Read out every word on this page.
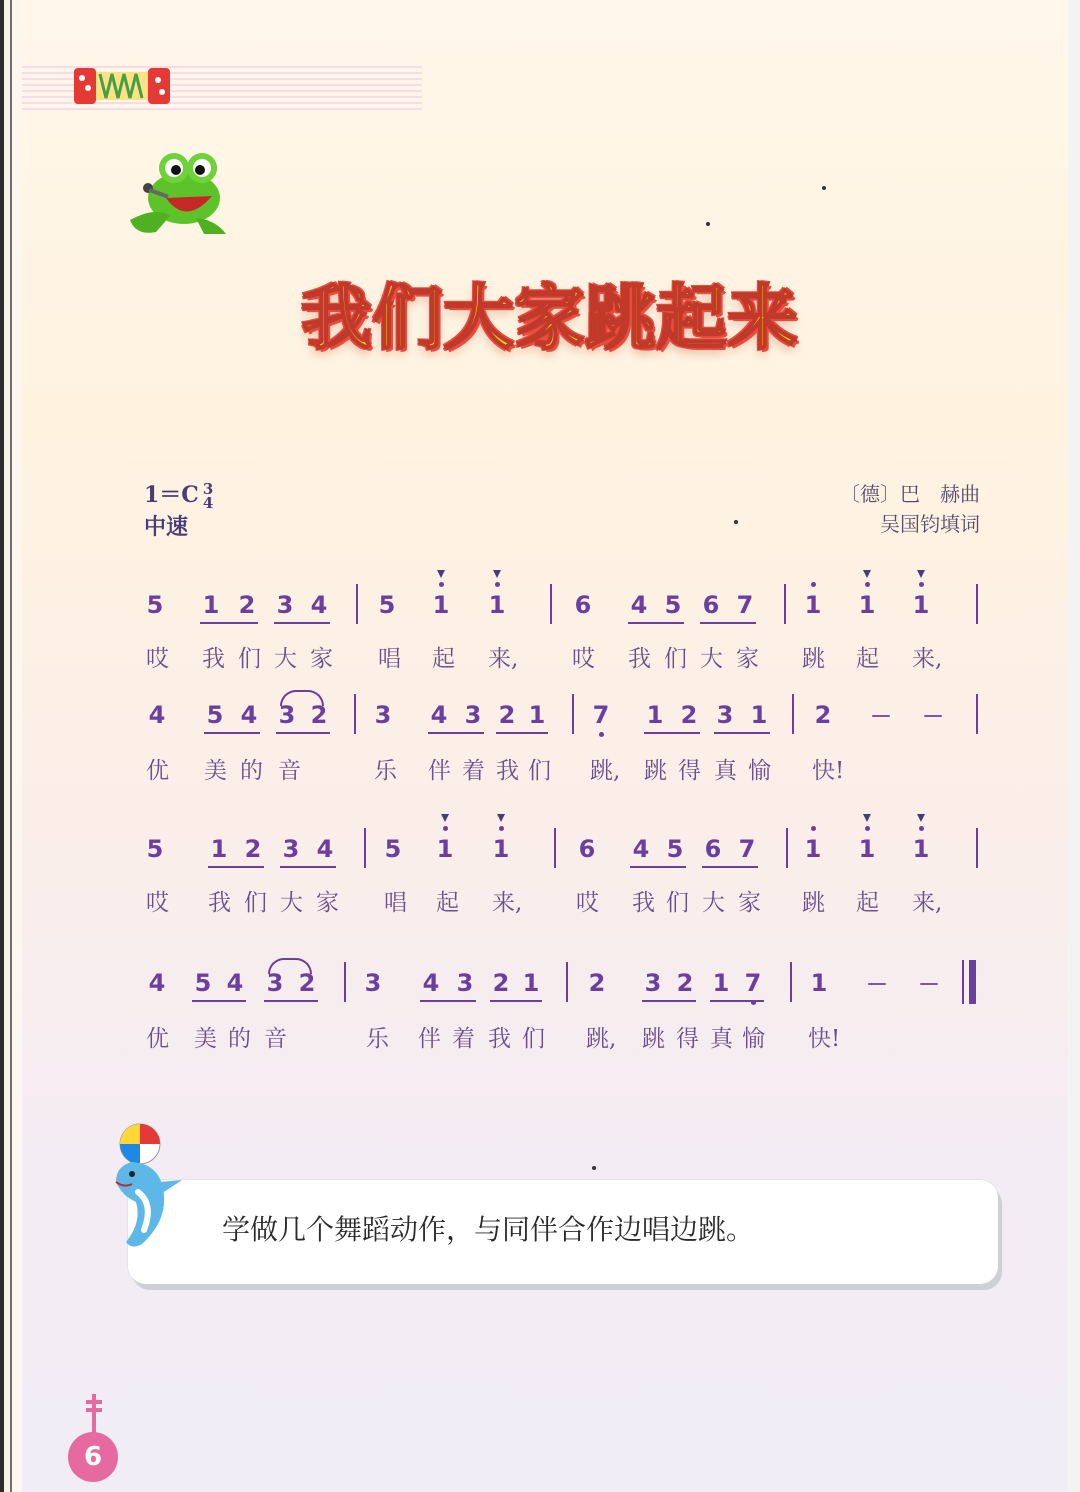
我们大家跳起来
1＝C 3
4
中速
〔德〕巴　赫曲
吴国钧填词
5 1 2 3 4 5 1 1	6 4 5 6 7 1 1 1
哎 我 们 大 家 唱 起 来, 哎 我 们 大 家 跳 起 来,
4 5 4 3 2 3 4 3 2 1 7 1 2 3 1 2 － －
优 美 的 音	乐 伴 着 我 们 跳, 跳 得 真 愉 快!
5 1 2 3 4 5 1 1	6 4 5 6 7 1 1 1
哎 我 们 大 家 唱 起 来, 哎 我 们 大 家 跳 起 来,
4 5 4 3 2 3 4 3 2 1 2 3 2 1 7 1 － －
优 美 的 音	乐 伴 着 我 们 跳, 跳 得 真 愉 快!
学做几个舞蹈动作，与同伴合作边唱边跳。
6
